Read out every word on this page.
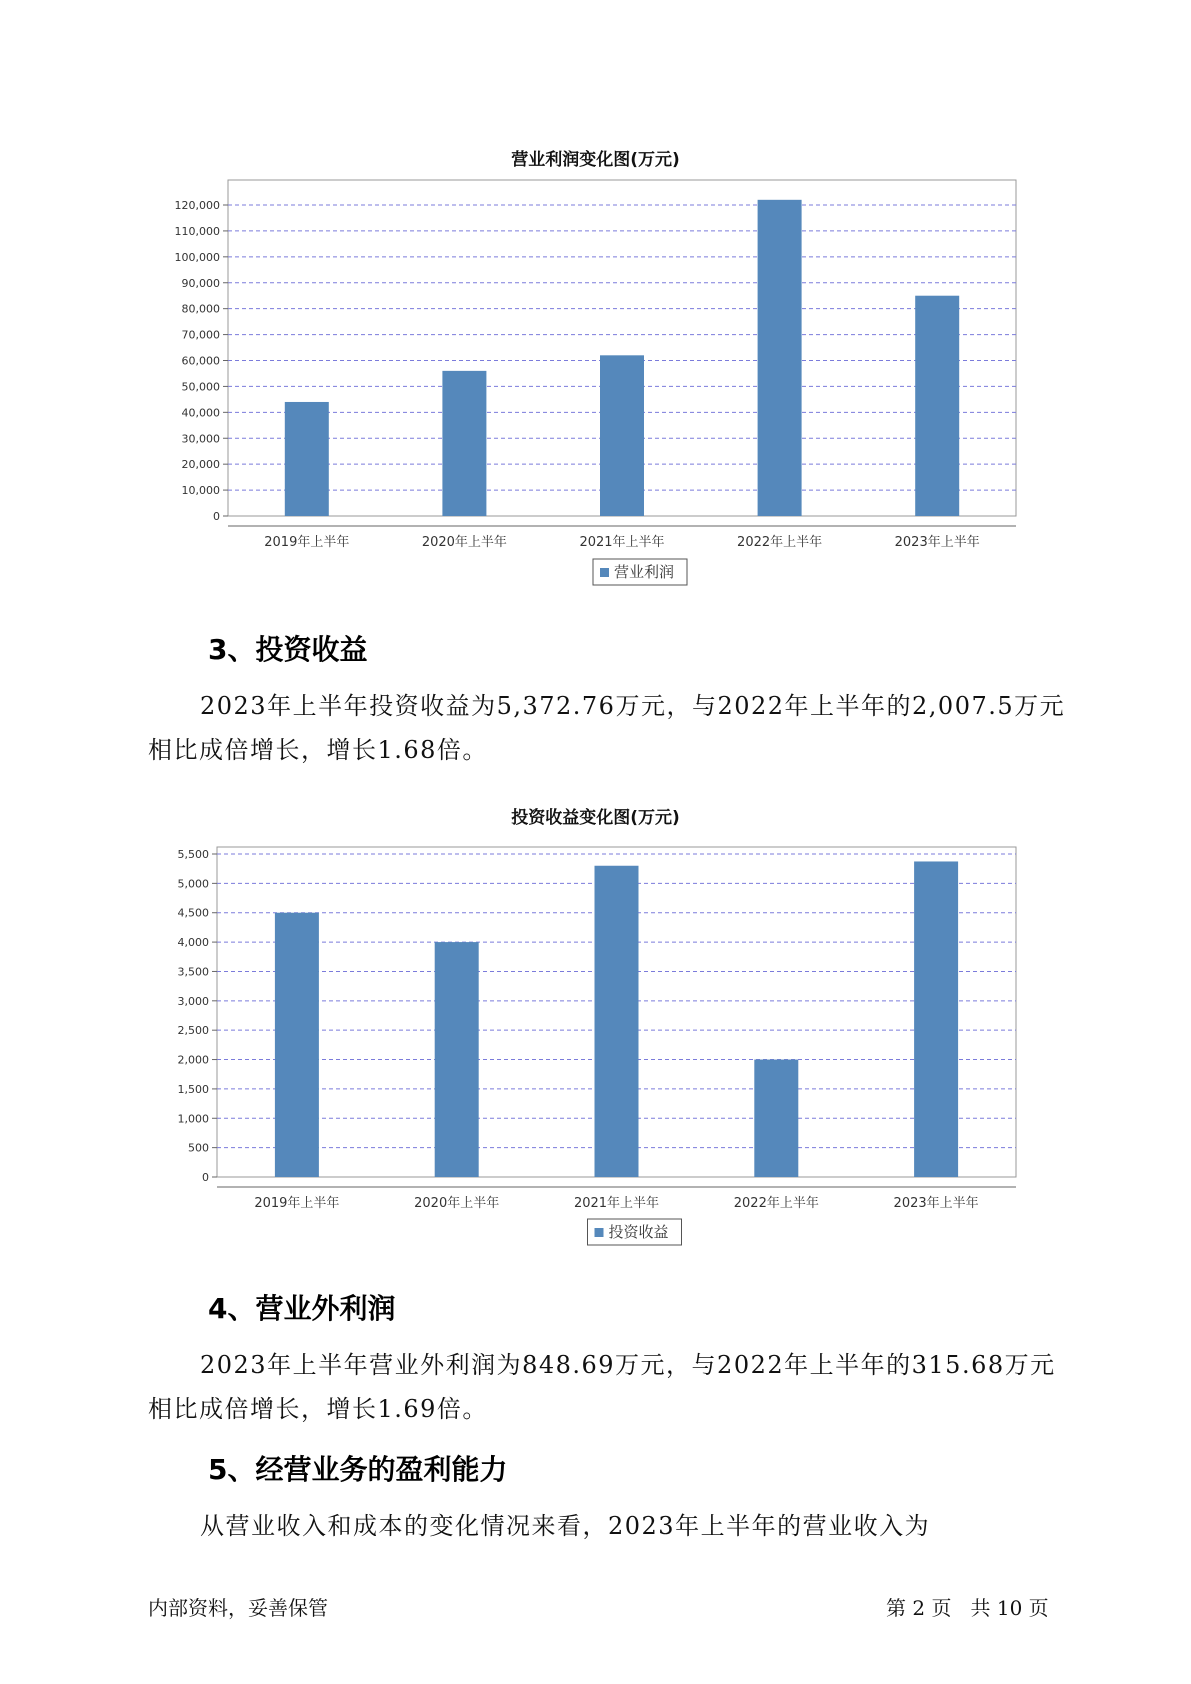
营业利润变化图(万元)
0
10,000
20,000
30,000
40,000
50,000
60,000
70,000
80,000
90,000
100,000
110,000
120,000
2019年上半年	2020年上半年	2021年上半年	2022年上半年	2023年上半年
营业利润
3、投资收益

2023年上半年投资收益为5,372.76万元，与2022年上半年的2,007.5万元相比成倍增长，增长1.68倍。

投资收益变化图(万元)
0
500
1,000
1,500
2,000
2,500
3,000
3,500
4,000
4,500
5,000
5,500
2019年上半年	2020年上半年	2021年上半年	2022年上半年	2023年上半年
投资收益
4、营业外利润

2023年上半年营业外利润为848.69万元，与2022年上半年的315.68万元相比成倍增长，增长1.69倍。

5、经营业务的盈利能力

从营业收入和成本的变化情况来看，2023年上半年的营业收入为

内部资料，妥善保管	第 2 页   共 10 页
